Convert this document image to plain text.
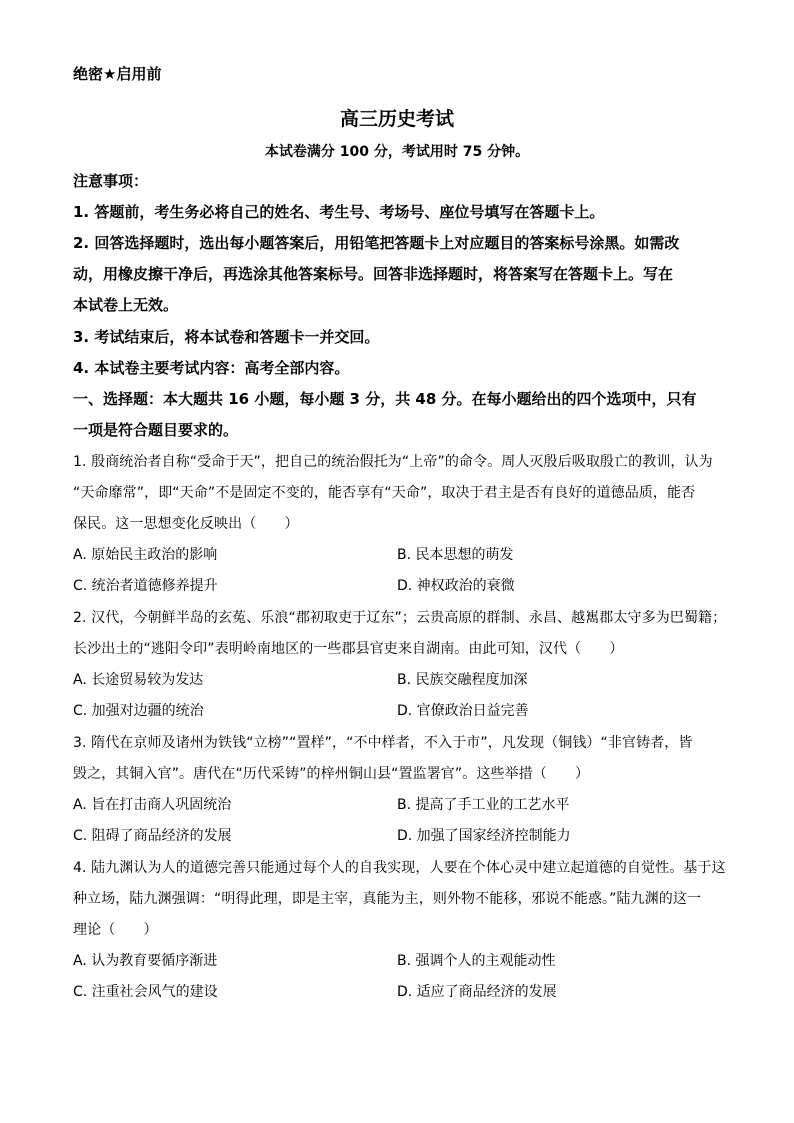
绝密★启用前
高三历史考试
本试卷满分 100 分，考试用时 75 分钟。
注意事项：
1. 答题前，考生务必将自己的姓名、考生号、考场号、座位号填写在答题卡上。
2. 回答选择题时，选出每小题答案后，用铅笔把答题卡上对应题目的答案标号涂黑。如需改
动，用橡皮擦干净后，再选涂其他答案标号。回答非选择题时，将答案写在答题卡上。写在
本试卷上无效。
3. 考试结束后，将本试卷和答题卡一并交回。
4. 本试卷主要考试内容：高考全部内容。
一、选择题：本大题共 16 小题，每小题 3 分，共 48 分。在每小题给出的四个选项中，只有
一项是符合题目要求的。
1. 殷商统治者自称“受命于天”，把自己的统治假托为“上帝”的命令。周人灭殷后吸取殷亡的教训，认为
“天命靡常”，即“天命”不是固定不变的，能否享有“天命”，取决于君主是否有良好的道德品质，能否
保民。这一思想变化反映出（　　）
A. 原始民主政治的影响	B. 民本思想的萌发
C. 统治者道德修养提升	D. 神权政治的衰微
2. 汉代，今朝鲜半岛的玄菟、乐浪“郡初取吏于辽东”；云贵高原的群制、永昌、越嶲郡太守多为巴蜀籍；
长沙出土的“逃阳令印”表明岭南地区的一些郡县官吏来自湖南。由此可知，汉代（　　）
A. 长途贸易较为发达	B. 民族交融程度加深
C. 加强对边疆的统治	D. 官僚政治日益完善
3. 隋代在京师及诸州为铁钱“立榜”“置样”，“不中样者，不入于市”，凡发现（铜钱）“非官铸者，皆
毁之，其铜入官”。唐代在“历代采铸”的梓州铜山县“置监署官”。这些举措（　　）
A. 旨在打击商人巩固统治	B. 提高了手工业的工艺水平
C. 阻碍了商品经济的发展	D. 加强了国家经济控制能力
4. 陆九渊认为人的道德完善只能通过每个人的自我实现，人要在个体心灵中建立起道德的自觉性。基于这
种立场，陆九渊强调：“明得此理，即是主宰，真能为主，则外物不能移，邪说不能惑。”陆九渊的这一
理论（　　）
A. 认为教育要循序渐进	B. 强调个人的主观能动性
C. 注重社会风气的建设	D. 适应了商品经济的发展
